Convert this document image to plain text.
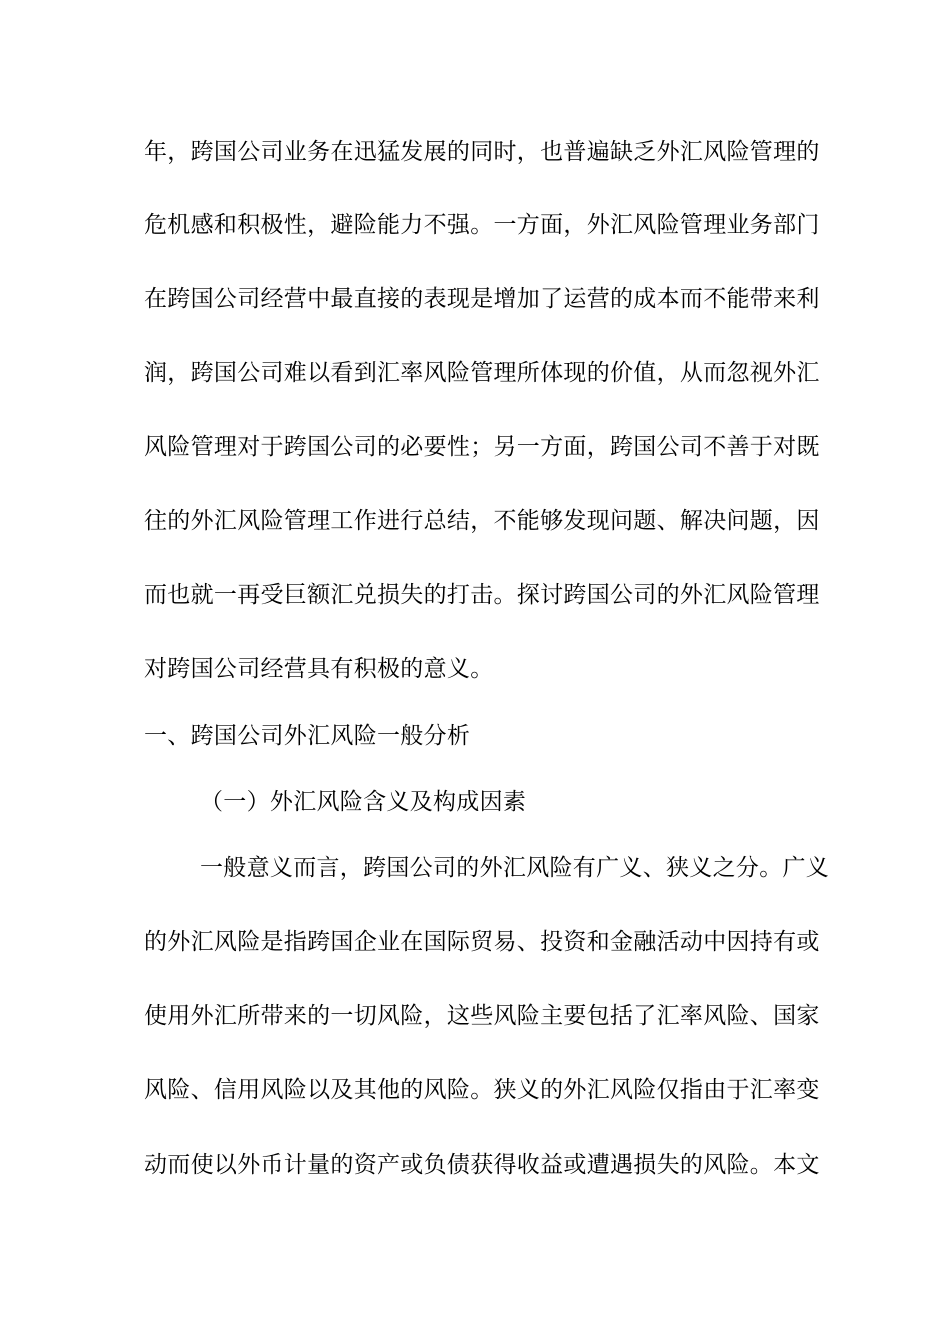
年，跨国公司业务在迅猛发展的同时，也普遍缺乏外汇风险管理的
危机感和积极性，避险能力不强。一方面，外汇风险管理业务部门
在跨国公司经营中最直接的表现是增加了运营的成本而不能带来利
润，跨国公司难以看到汇率风险管理所体现的价值，从而忽视外汇
风险管理对于跨国公司的必要性；另一方面，跨国公司不善于对既
往的外汇风险管理工作进行总结，不能够发现问题、解决问题，因
而也就一再受巨额汇兑损失的打击。探讨跨国公司的外汇风险管理
对跨国公司经营具有积极的意义。
一、跨国公司外汇风险一般分析
（一）外汇风险含义及构成因素
一般意义而言，跨国公司的外汇风险有广义、狭义之分。广义
的外汇风险是指跨国企业在国际贸易、投资和金融活动中因持有或
使用外汇所带来的一切风险，这些风险主要包括了汇率风险、国家
风险、信用风险以及其他的风险。狭义的外汇风险仅指由于汇率变
动而使以外币计量的资产或负债获得收益或遭遇损失的风险。本文
